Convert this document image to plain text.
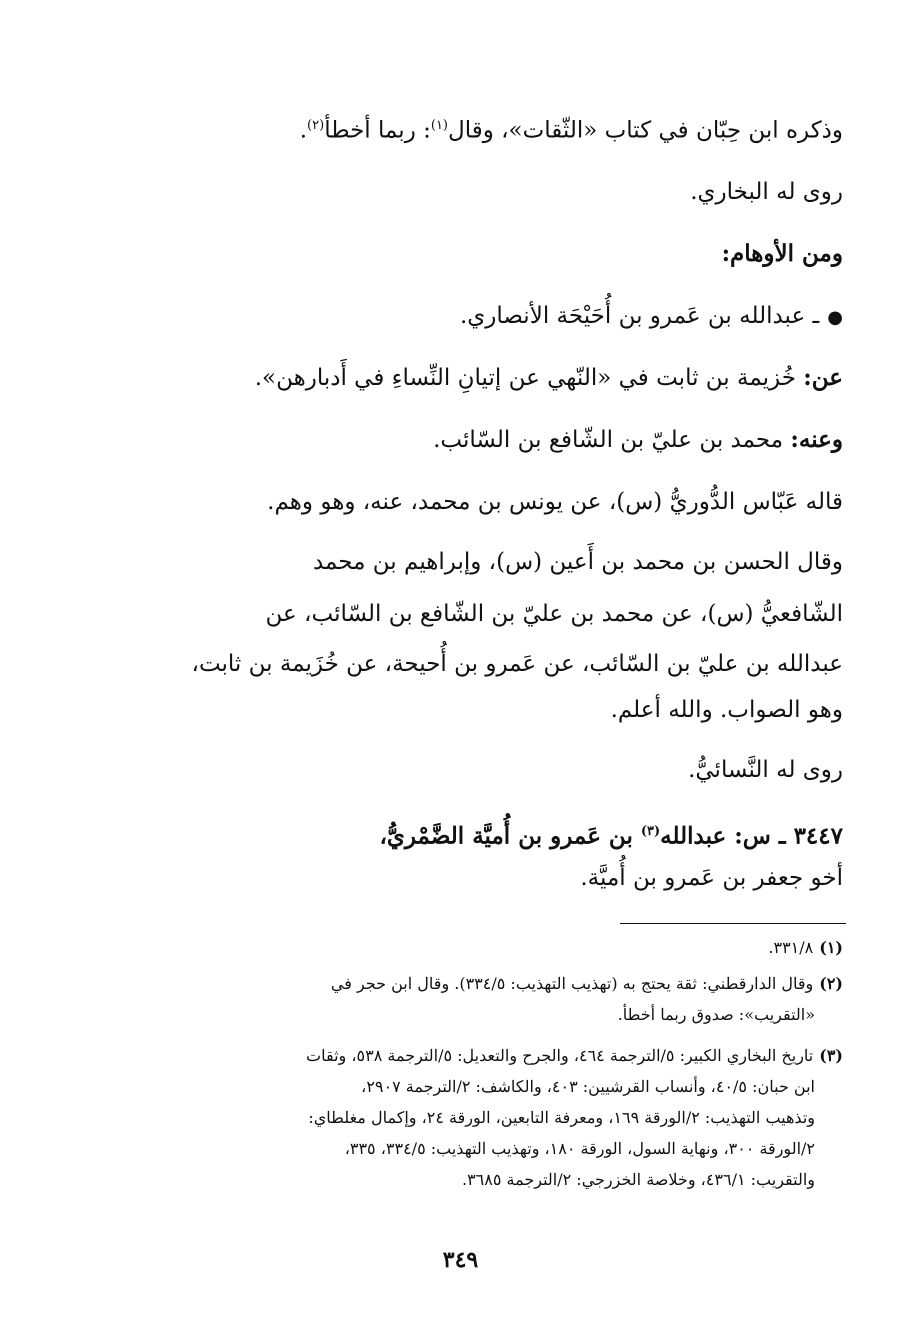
وذكره ابن حِبّان في كتاب «الثّقات»، وقال$^{(١)}$: ربما أخطأ$^{(٢)}$.
روى له البخاري.
ومن الأوهام:
●ـ عبدالله بن عَمرو بن أُحَيْحَة الأنصاري.
عن: خُزيمة بن ثابت في «النّهي عن إتيانِ النِّساءِ في أَدبارهن».
وعنه: محمد بن عليّ بن الشّافع بن السّائب.
قاله عَبّاس الدُّوريُّ (س)، عن يونس بن محمد، عنه، وهو وهم.
وقال الحسن بن محمد بن أَعين (س)، وإبراهيم بن محمد
الشّافعيُّ (س)، عن محمد بن عليّ بن الشّافع بن السّائب، عن
عبدالله بن عليّ بن السّائب، عن عَمرو بن أُحيحة، عن خُزَيمة بن ثابت،
وهو الصواب. والله أعلم.
روى له النَّسائيُّ.
٣٤٤٧ ـ س: عبدالله$^{(٣)}$ بن عَمرو بن أُميَّة الضَّمْريُّ،
أخو جعفر بن عَمرو بن أُميَّة.
(١)٣٣١/٨.
(٢)وقال الدارقطني: ثقة يحتج به (تهذيب التهذيب: ٣٣٤/٥). وقال ابن حجر في
«التقريب»: صدوق ربما أخطأ.
(٣)تاريخ البخاري الكبير: ٥/الترجمة ٤٦٤، والجرح والتعديل: ٥/الترجمة ٥٣٨، وثقات
ابن حبان: ٤٠/٥، وأنساب القرشيين: ٤٠٣، والكاشف: ٢/الترجمة ٢٩٠٧،
وتذهيب التهذيب: ٢/الورقة ١٦٩، ومعرفة التابعين، الورقة ٢٤، وإكمال مغلطاي:
٢/الورقة ٣٠٠، ونهاية السول، الورقة ١٨٠، وتهذيب التهذيب: ٣٣٤/٥، ٣٣٥،
والتقريب: ٤٣٦/١، وخلاصة الخزرجي: ٢/الترجمة ٣٦٨٥.
٣٤٩
